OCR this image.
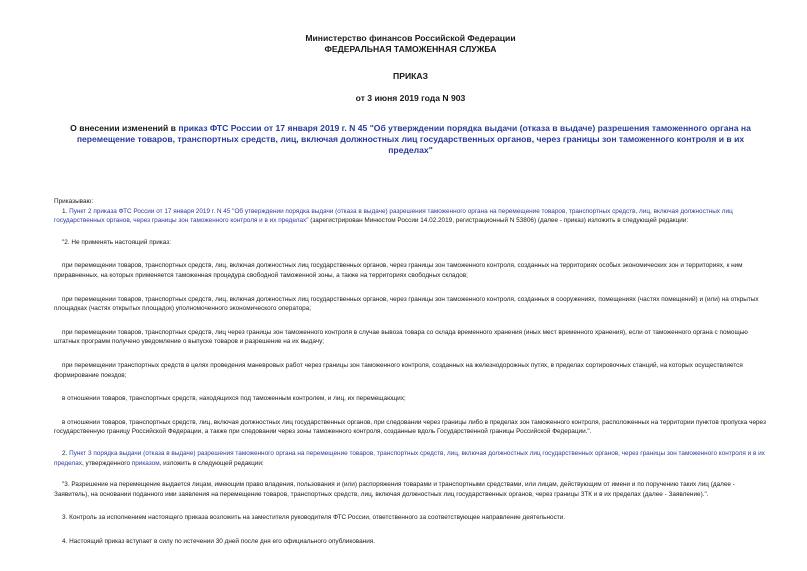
Министерство финансов Российской Федерации
ФЕДЕРАЛЬНАЯ ТАМОЖЕННАЯ СЛУЖБА
ПРИКАЗ
от 3 июня 2019 года N 903
О внесении изменений в приказ ФТС России от 17 января 2019 г. N 45 "Об утверждении порядка выдачи (отказа в выдаче) разрешения таможенного органа на перемещение товаров, транспортных средств, лиц, включая должностных лиц государственных органов, через границы зон таможенного контроля и в их пределах"

Приказываю:

1. Пункт 2 приказа ФТС России от 17 января 2019 г. N 45 "Об утверждении порядка выдачи (отказа в выдаче) разрешения таможенного органа на перемещение товаров, транспортных средств, лиц, включая должностных лиц государственных органов, через границы зон таможенного контроля и в их пределах" (зарегистрирован Минюстом России 14.02.2019, регистрационный N 53806) (далее - приказ) изложить в следующей редакции:

"2. Не применять настоящий приказ:

при перемещении товаров, транспортных средств, лиц, включая должностных лиц государственных органов, через границы зон таможенного контроля, созданных на территориях особых экономических зон и территориях, к ним приравненных, на которых применяется таможенная процедура свободной таможенной зоны, а также на территориях свободных складов;

при перемещении товаров, транспортных средств, лиц, включая должностных лиц государственных органов, через границы зон таможенного контроля, созданных в сооружениях, помещениях (частях помещений) и (или) на открытых площадках (частях открытых площадок) уполномоченного экономического оператора;

при перемещении товаров, транспортных средств, лиц через границы зон таможенного контроля в случае вывоза товара со склада временного хранения (иных мест временного хранения), если от таможенного органа с помощью штатных программ получено уведомление о выпуске товаров и разрешение на их выдачу;

при перемещении транспортных средств в целях проведения маневровых работ через границы зон таможенного контроля, созданных на железнодорожных путях, в пределах сортировочных станций, на которых осуществляется формирование поездов;

в отношении товаров, транспортных средств, находящихся под таможенным контролем, и лиц, их перемещающих;

в отношении товаров, транспортных средств, лиц, включая должностных лиц государственных органов, при следовании через границы либо в пределах зон таможенного контроля, расположенных на территории пунктов пропуска через государственную границу Российской Федерации, а также при следовании через зоны таможенного контроля, созданные вдоль Государственной границы Российской Федерации.".

2. Пункт 3 порядка выдачи (отказа в выдаче) разрешения таможенного органа на перемещение товаров, транспортных средств, лиц, включая должностных лиц государственных органов, через границы зон таможенного контроля и в их пределах, утвержденного приказом, изложить в следующей редакции:

"3. Разрешение на перемещение выдается лицам, имеющим право владения, пользования и (или) распоряжения товарами и транспортными средствами, или лицам, действующим от имени и по поручению таких лиц (далее - Заявитель), на основании поданного ими заявления на перемещение товаров, транспортных средств, лиц, включая должностных лиц государственных органов, через границы ЗТК и в их пределах (далее - Заявление).".

3. Контроль за исполнением настоящего приказа возложить на заместителя руководителя ФТС России, ответственного за соответствующее направление деятельности.

4. Настоящий приказ вступает в силу по истечении 30 дней после дня его официального опубликования.
